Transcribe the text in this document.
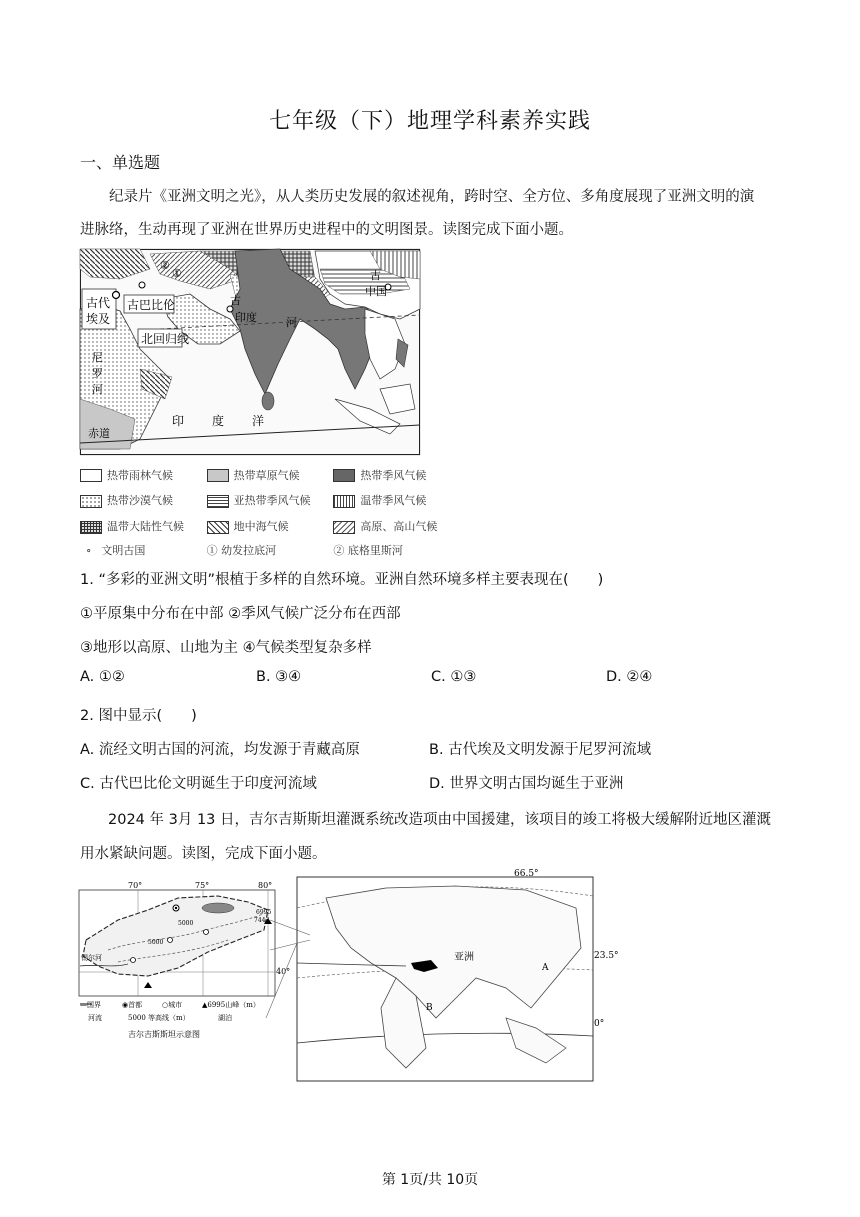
七年级（下）地理学科素养实践
一、单选题
纪录片《亚洲文明之光》，从人类历史发展的叙述视角，跨时空、全方位、多角度展现了亚洲文明的演
进脉络，生动再现了亚洲在世界历史进程中的文明图景。读图完成下面小题。
古代
埃及
古巴比伦
北回归线
尼
罗
河
古
印度	河
古
中国
印 度 洋
赤道
①
②
热带雨林气候	热带草原气候	热带季风气候
热带沙漠气候	亚热带季风气候	温带季风气候
温带大陆性气候	地中海气候	高原、高山气候
∘ 文明古国	① 幼发拉底河	② 底格里斯河
1. “多彩的亚洲文明”根植于多样的自然环境。亚洲自然环境多样主要表现在(　　)
①平原集中分布在中部 ②季风气候广泛分布在西部
③地形以高原、山地为主 ④气候类型复杂多样
A. ①②	B. ③④	C. ①③	D. ②④
2. 图中显示(　　)
A. 流经文明古国的河流，均发源于青藏高原	B. 古代埃及文明发源于尼罗河流域
C. 古代巴比伦文明诞生于印度河流域	D. 世界文明古国均诞生于亚洲
2024 年 3月 13 日，吉尔吉斯斯坦灌溉系统改造项由中国援建，该项目的竣工将极大缓解附近地区灌溉
用水紧缺问题。读图，完成下面小题。
70°	75°	80°
40°
6995
7443
5000
5000
锡尔河
—国界	◉首都	○城市	▲6995山峰（m）
河流	5000 等高线（m）	湖泊
吉尔吉斯斯坦示意图
66.5°
23.5°
0°
亚洲
A
B
第 1页/共 10页
